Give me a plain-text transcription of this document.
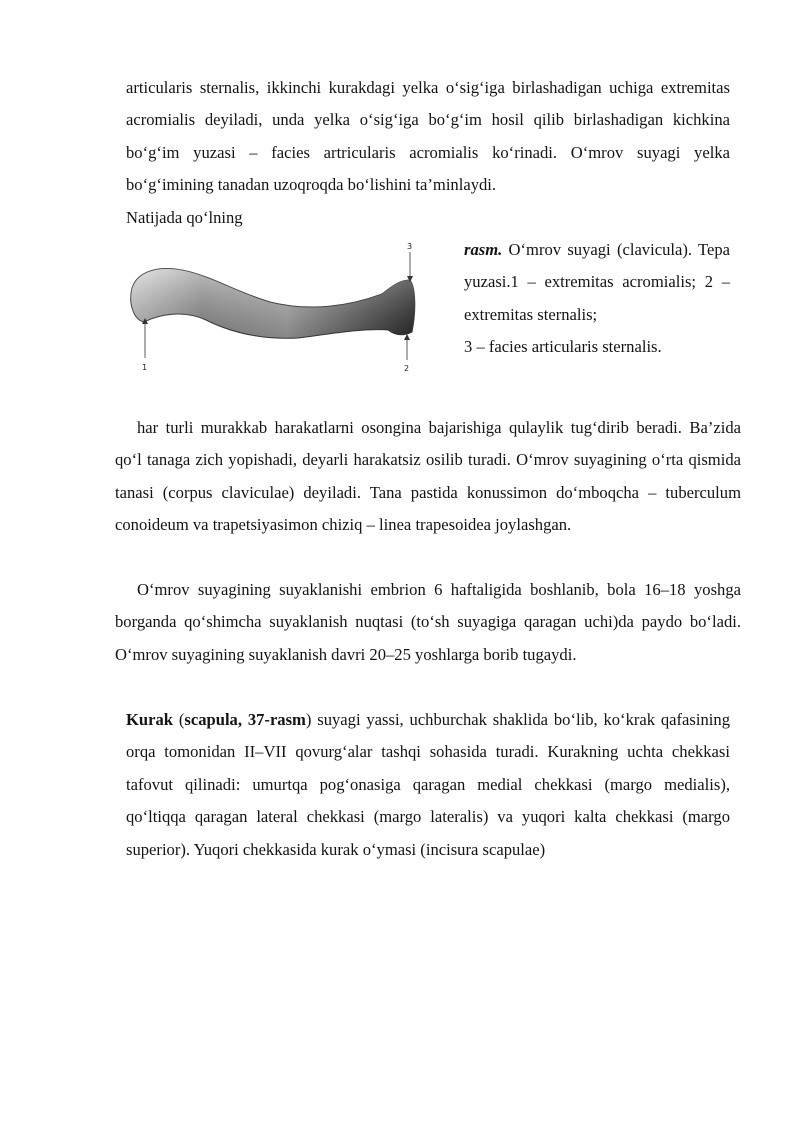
articularis sternalis, ikkinchi kurakdagi yelka o‘sig‘iga birlashadigan uchiga extremitas acromialis deyiladi, unda yelka o‘sig‘iga bo‘g‘im hosil qilib birlashadigan kichkina bo‘g‘im yuzasi – facies artricularis acromialis ko‘rinadi. O‘mrov suyagi yelka bo‘g‘imining tanadan uzoqroqda bo‘lishini ta’minlaydi.
Natijada qo‘lning
1	2
3	rasm. O‘mrov suyagi (clavicula). Tepa yuzasi.1 – extremitas acromialis; 2 – extremitas sternalis;
3 – facies articularis sternalis.

har turli murakkab harakatlarni osongina bajarishiga qulaylik tug‘dirib beradi. Ba’zida qo‘l tanaga zich yopishadi, deyarli harakatsiz osilib turadi. O‘mrov suyagining o‘rta qismida tanasi (corpus claviculae) deyiladi. Tana pastida konussimon do‘mboqcha – tuberculum conoideum va trapetsiyasimon chiziq – linea trapesoidea joylashgan.

O‘mrov suyagining suyaklanishi embrion 6 haftaligida boshlanib, bola 16–18 yoshga borganda qo‘shimcha suyaklanish nuqtasi (to‘sh suyagiga qaragan uchi)da paydo bo‘ladi. O‘mrov suyagining suyaklanish davri 20–25 yoshlarga borib tugaydi.

Kurak (scapula, 37-rasm) suyagi yassi, uchburchak shaklida bo‘lib, ko‘krak qafasining orqa tomonidan II–VII qovurg‘alar tashqi sohasida turadi. Kurakning uchta chekkasi tafovut qilinadi: umurtqa pog‘onasiga qaragan medial chekkasi (margo medialis), qo‘ltiqqa qaragan lateral chekkasi (margo lateralis) va yuqori kalta chekkasi (margo superior). Yuqori chekkasida kurak o‘ymasi (incisura scapulae)
